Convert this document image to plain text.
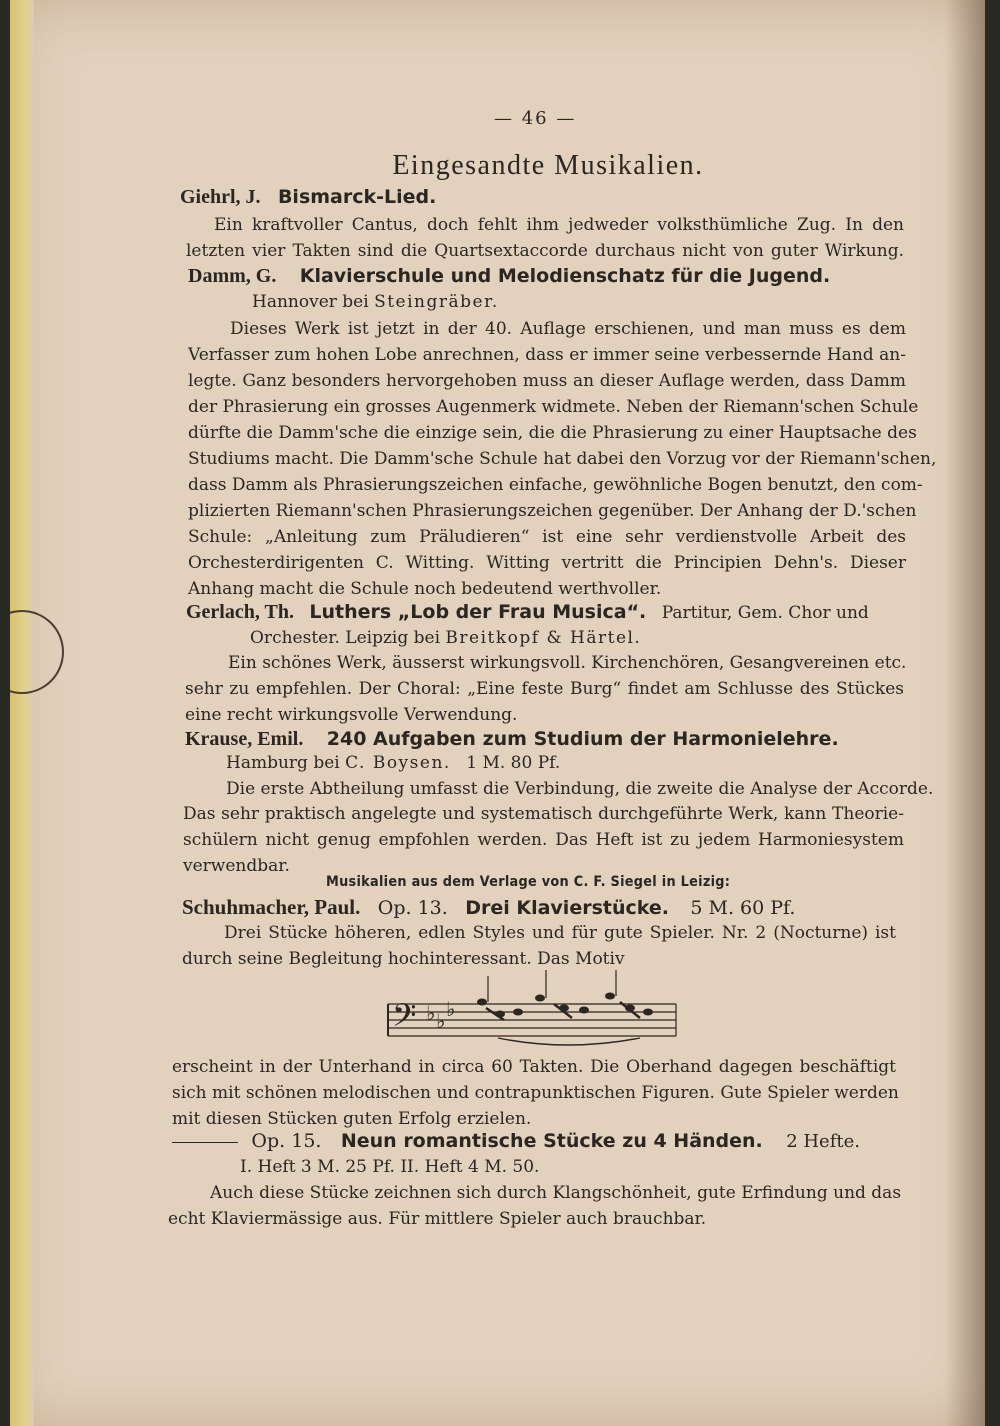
— 46 —
Eingesandte Musikalien.
Giehrl, J. Bismarck-Lied.
Ein kraftvoller Cantus, doch fehlt ihm jedweder volksthümliche Zug. In den
letzten vier Takten sind die Quartsextaccorde durchaus nicht von guter Wirkung.
Damm, G. Klavierschule und Melodienschatz für die Jugend.
Hannover bei Steingräber.
Dieses Werk ist jetzt in der 40. Auflage erschienen, und man muss es dem
Verfasser zum hohen Lobe anrechnen, dass er immer seine verbessernde Hand an-
legte. Ganz besonders hervorgehoben muss an dieser Auflage werden, dass Damm
der Phrasierung ein grosses Augenmerk widmete. Neben der Riemann'schen Schule
dürfte die Damm'sche die einzige sein, die die Phrasierung zu einer Hauptsache des
Studiums macht. Die Damm'sche Schule hat dabei den Vorzug vor der Riemann'schen,
dass Damm als Phrasierungszeichen einfache, gewöhnliche Bogen benutzt, den com-
plizierten Riemann'schen Phrasierungszeichen gegenüber. Der Anhang der D.'schen
Schule: „Anleitung zum Präludieren“ ist eine sehr verdienstvolle Arbeit des
Orchesterdirigenten C. Witting. Witting vertritt die Principien Dehn's. Dieser
Anhang macht die Schule noch bedeutend werthvoller.
Gerlach, Th. Luthers „Lob der Frau Musica“. Partitur, Gem. Chor und
Orchester. Leipzig bei Breitkopf & Härtel.
Ein schönes Werk, äusserst wirkungsvoll. Kirchenchören, Gesangvereinen etc.
sehr zu empfehlen. Der Choral: „Eine feste Burg“ findet am Schlusse des Stückes
eine recht wirkungsvolle Verwendung.
Krause, Emil. 240 Aufgaben zum Studium der Harmonielehre.
Hamburg bei C. Boysen. 1 M. 80 Pf.
Die erste Abtheilung umfasst die Verbindung, die zweite die Analyse der Accorde.
Das sehr praktisch angelegte und systematisch durchgeführte Werk, kann Theorie-
schülern nicht genug empfohlen werden. Das Heft ist zu jedem Harmoniesystem
verwendbar.
Musikalien aus dem Verlage von C. F. Siegel in Leizig:
Schuhmacher, Paul. Op. 13. Drei Klavierstücke. 5 M. 60 Pf.
Drei Stücke höheren, edlen Styles und für gute Spieler. Nr. 2 (Nocturne) ist
durch seine Begleitung hochinteressant. Das Motiv
𝄢 ♭ ♭ ♭
erscheint in der Unterhand in circa 60 Takten. Die Oberhand dagegen beschäftigt
sich mit schönen melodischen und contrapunktischen Figuren. Gute Spieler werden
mit diesen Stücken guten Erfolg erzielen.
Op. 15. Neun romantische Stücke zu 4 Händen. 2 Hefte.
I. Heft 3 M. 25 Pf. II. Heft 4 M. 50.
Auch diese Stücke zeichnen sich durch Klangschönheit, gute Erfindung und das
echt Klaviermässige aus. Für mittlere Spieler auch brauchbar.
